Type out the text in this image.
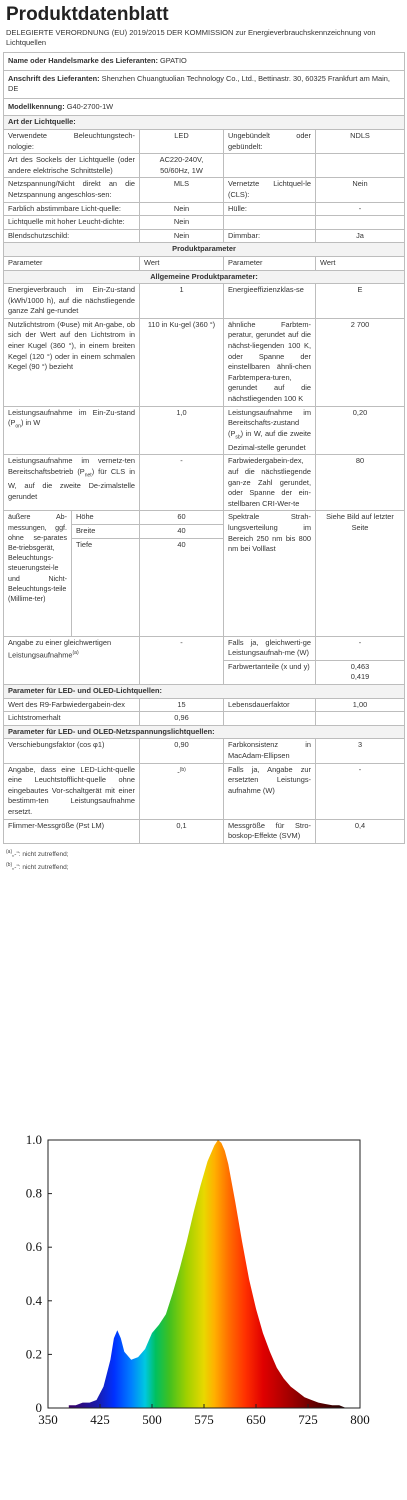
Produktdatenblatt
DELEGIERTE VERORDNUNG (EU) 2019/2015 DER KOMMISSION zur Energieverbrauchskennzeichnung von Lichtquellen
Name oder Handelsmarke des Lieferanten: GPATIO				
Anschrift des Lieferanten: Shenzhen Chuangtuolian Technology Co., Ltd., Bettinastr. 30, 60325 Frankfurt am Main, DE				
Modellkennung: G40-2700-1W				
Art der Lichtquelle:				
Verwendete Beleuchtungstech-nologie:		LED	Ungebündelt oder gebündelt:	NDLS
Art des Sockels der Lichtquelle (oder andere elektrische Schnittstelle)		AC220-240V, 50/60Hz, 1W		
Netzspannung/Nicht direkt an die Netzspannung angeschlos-sen:		MLS	Vernetzte Lichtquel-le (CLS):	Nein
Farblich abstimmbare Licht-quelle:		Nein	Hülle:	-
Lichtquelle mit hoher Leucht-dichte:		Nein		
Blendschutzschild:		Nein	Dimmbar:	Ja
Produktparameter				
Parameter		Wert	Parameter	Wert
Allgemeine Produktparameter:				
Energieverbrauch im Ein-Zu-stand (kWh/1000 h), auf die nächstliegende ganze Zahl ge-rundet		1	Energieeffizienzklas-se	E
Nutzlichtstrom (Φuse) mit An-gabe, ob sich der Wert auf den Lichtstrom in einer Kugel (360 °), in einem breiten Kegel (120 °) oder in einem schmalen Kegel (90 °) bezieht		110 in Ku-gel (360 °)	ähnliche Farbtem-peratur, gerundet auf die nächst-liegenden 100 K, oder Spanne der einstellbaren ähnli-chen Farbtempera-turen, gerundet auf die nächstliegenden 100 K	2 700
Leistungsaufnahme im Ein-Zu-stand $(P_{on})$ in W		1,0	Leistungsaufnahme im Bereitschafts-zustand $(P_{sb})$ in W, auf die zweite Dezimal-stelle gerundet	0,20
Leistungsaufnahme im vernetz-ten Bereitschaftsbetrieb $(P_{net})$ für CLS in W, auf die zweite De-zimalstelle gerundet		-	Farbwiedergabein-dex, auf die nächstliegende gan-ze Zahl gerundet, oder Spanne der ein-stellbaren CRI-Wer-te	80
äußere Ab-messungen, ggf. ohne se-parates Be-triebsgerät, Beleuchtungs-steuerungstei-le und Nicht-Beleuchtungs-teile (Millime-ter)	Höhe	60	Spektrale Strah-lungsverteilung im Bereich 250 nm bis 800 nm bei Volllast	Siehe Bild auf letzter Seite
	Breite	40		
	Tiefe	40		
Angabe zu einer gleichwertigen Leistungsaufnahme$^{(a)}$		-	Falls ja, gleichwerti-ge Leistungsaufnah-me (W)	-
			Farbwertanteile (x und y)	0,463
0,419

Parameter für LED- und OLED-Lichtquellen:				
Wert des R9-Farbwiedergabein-dex		15	Lebensdauerfaktor	1,00
Lichtstromerhalt		0,96		
Parameter für LED- und OLED-Netzspannungslichtquellen:				
Verschiebungsfaktor (cos φ1)		0,90	Farbkonsistenz in MacAdam-Ellipsen	3
Angabe, dass eine LED-Licht-quelle eine Leuchtstofflicht-quelle ohne eingebautes Vor-schaltgerät mit einer bestimm-ten Leistungsaufnahme ersetzt.		-$^{(b)}$	Falls ja, Angabe zur ersetzten Leistungs-aufnahme (W)	-
Flimmer-Messgröße (Pst LM)		0,1	Messgröße für Stro-boskop-Effekte (SVM)	0,4
$^{(a)}$„-": nicht zutreffend;
$^{(b)}$„-": nicht zutreffend;
350	425	500	575	650	725	800
0
0.2
0.4
0.6
0.8
1.0
